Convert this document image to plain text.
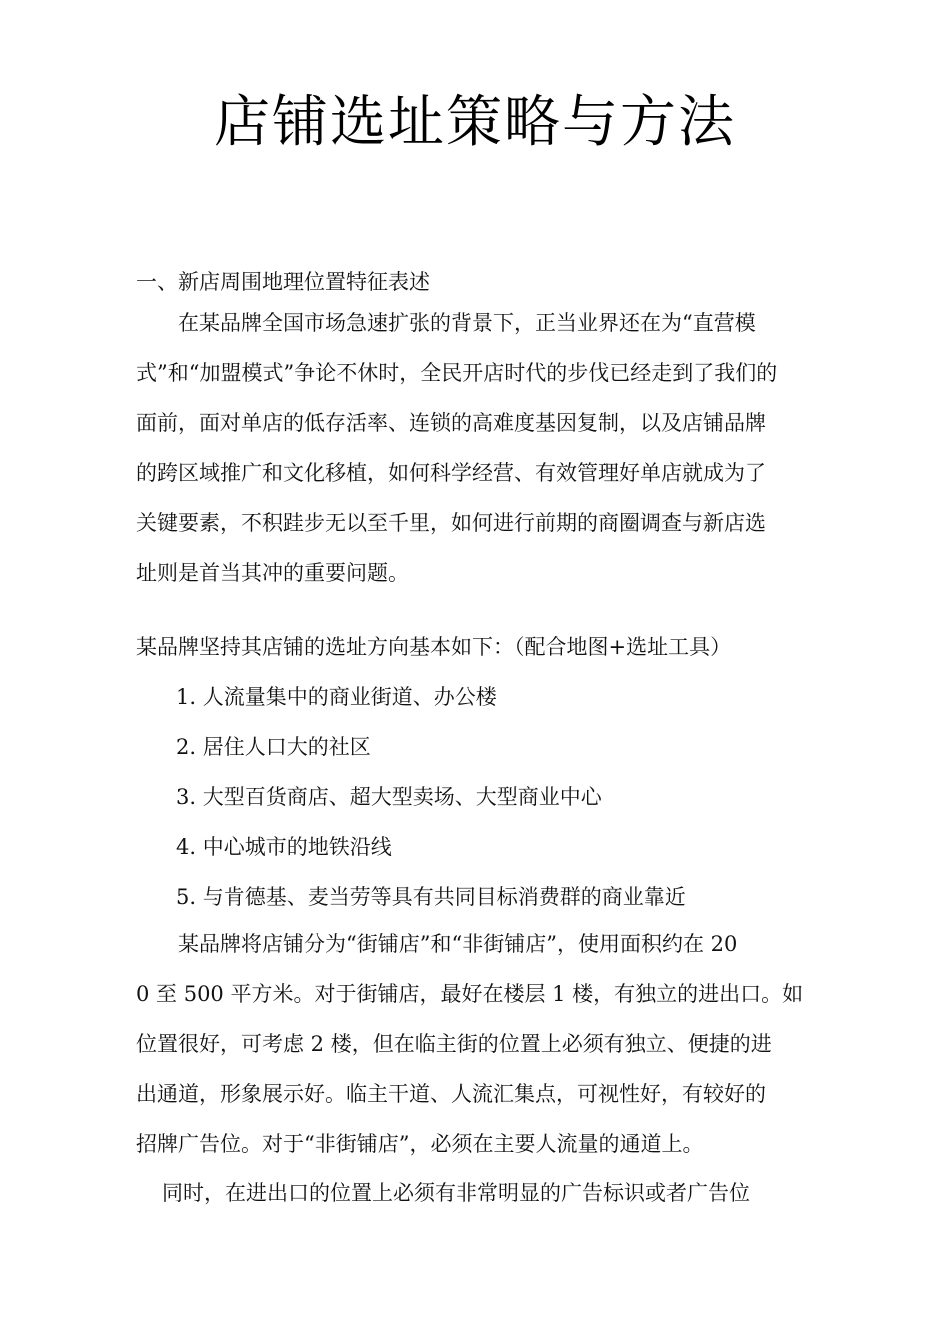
店铺选址策略与方法
一、新店周围地理位置特征表述
在某品牌全国市场急速扩张的背景下，正当业界还在为“直营模
式”和“加盟模式”争论不休时，全民开店时代的步伐已经走到了我们的
面前，面对单店的低存活率、连锁的高难度基因复制，以及店铺品牌
的跨区域推广和文化移植，如何科学经营、有效管理好单店就成为了
关键要素，不积跬步无以至千里，如何进行前期的商圈调查与新店选
址则是首当其冲的重要问题。
某品牌坚持其店铺的选址方向基本如下：（配合地图+选址工具）
1. 人流量集中的商业街道、办公楼
2. 居住人口大的社区
3. 大型百货商店、超大型卖场、大型商业中心
4. 中心城市的地铁沿线
5. 与肯德基、麦当劳等具有共同目标消费群的商业靠近
某品牌将店铺分为“街铺店”和“非街铺店”，使用面积约在 20
0 至 500 平方米。对于街铺店，最好在楼层 1 楼，有独立的进出口。如
位置很好，可考虑 2 楼，但在临主街的位置上必须有独立、便捷的进
出通道，形象展示好。临主干道、人流汇集点，可视性好，有较好的
招牌广告位。对于“非街铺店”，必须在主要人流量的通道上。
同时，在进出口的位置上必须有非常明显的广告标识或者广告位
